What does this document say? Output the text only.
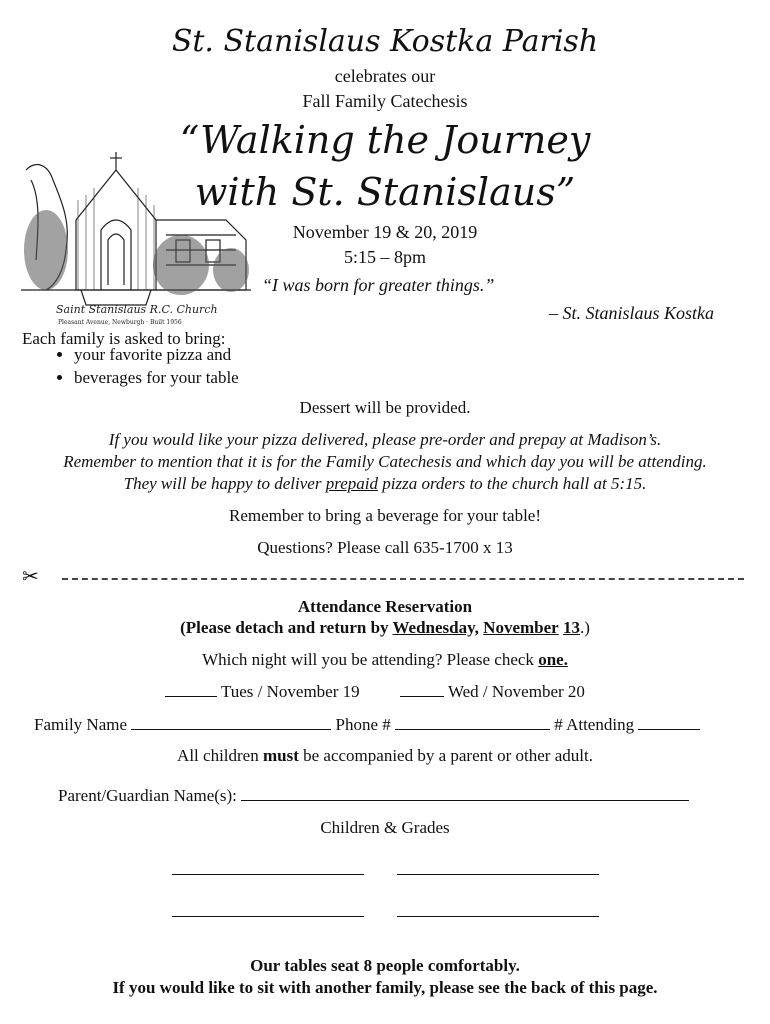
St. Stanislaus Kostka Parish
celebrates our
Fall Family Catechesis
“Walking the Journey
with St. Stanislaus”
Saint Stanislaus R.C. Church
Pleasant Avenue, Newburgh · Built 1956
November 19 & 20, 2019
5:15 – 8pm
“I was born for greater things.”
– St. Stanislaus Kostka
Each family is asked to bring:
• your favorite pizza and
• beverages for your table
Dessert will be provided.
If you would like your pizza delivered, please pre-order and prepay at Madison’s.
Remember to mention that it is for the Family Catechesis and which day you will be attending.
They will be happy to deliver prepaid pizza orders to the church hall at 5:15.
Remember to bring a beverage for your table!
Questions? Please call 635-1700 x 13
✂
Attendance Reservation
(Please detach and return by Wednesday, November 13.)
Which night will you be attending? Please check one.
Tues / November 19	Wed / November 20
Family Name	Phone #	# Attending
All children must be accompanied by a parent or other adult.
Parent/Guardian Name(s):
Children & Grades
Our tables seat 8 people comfortably.
If you would like to sit with another family, please see the back of this page.
